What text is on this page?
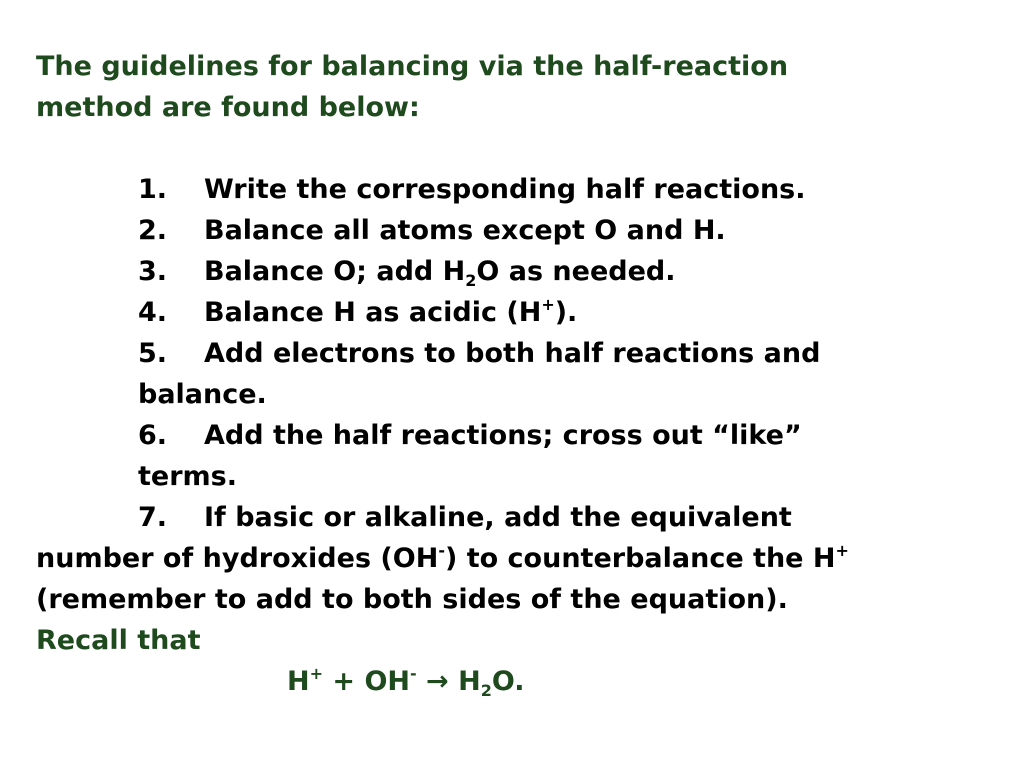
The guidelines for balancing via the half-reaction
method are found below:
1. Write the corresponding half reactions.
2. Balance all atoms except O and H.
3. Balance O; add $H_2O$ as needed.
4. Balance H as acidic (H+).
5. Add electrons to both half reactions and
balance.
6. Add the half reactions; cross out “like”
terms.
7. If basic or alkaline, add the equivalent
number of hydroxides (OH-) to counterbalance the H+
(remember to add to both sides of the equation).
Recall that
$H^+ + OH^- \to H_2O$.
